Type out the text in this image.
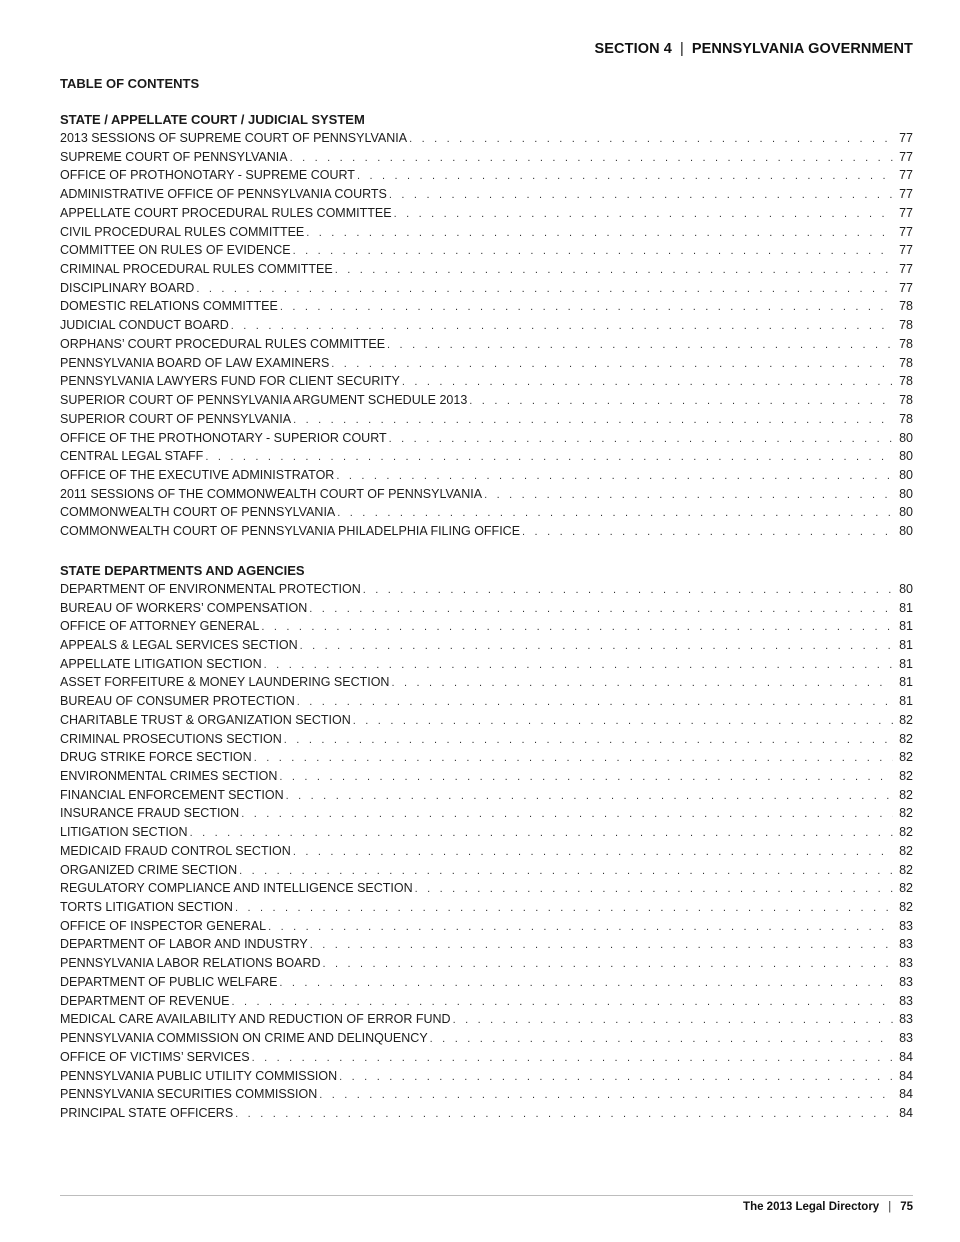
SECTION 4 | PENNSYLVANIA GOVERNMENT
TABLE OF CONTENTS
STATE / APPELLATE COURT / JUDICIAL SYSTEM
2013 SESSIONS OF SUPREME COURT OF PENNSYLVANIA . . .	77
SUPREME COURT OF PENNSYLVANIA . . .	77
OFFICE OF PROTHONOTARY - SUPREME COURT . . .	77
ADMINISTRATIVE OFFICE OF PENNSYLVANIA COURTS . . .	77
APPELLATE COURT PROCEDURAL RULES COMMITTEE . . .	77
CIVIL PROCEDURAL RULES COMMITTEE . . .	77
COMMITTEE ON RULES OF EVIDENCE . . .	77
CRIMINAL PROCEDURAL RULES COMMITTEE . . .	77
DISCIPLINARY BOARD . . .	77
DOMESTIC RELATIONS COMMITTEE . . .	78
JUDICIAL CONDUCT BOARD . . .	78
ORPHANS’ COURT PROCEDURAL RULES COMMITTEE . . .	78
PENNSYLVANIA BOARD OF LAW EXAMINERS . . .	78
PENNSYLVANIA LAWYERS FUND FOR CLIENT SECURITY . . .	78
SUPERIOR COURT OF PENNSYLVANIA ARGUMENT SCHEDULE 2013 . . .	78
SUPERIOR COURT OF PENNSYLVANIA . . .	78
OFFICE OF THE PROTHONOTARY - SUPERIOR COURT . . .	80
CENTRAL LEGAL STAFF . . .	80
OFFICE OF THE EXECUTIVE ADMINISTRATOR . . .	80
2011 SESSIONS OF THE COMMONWEALTH COURT OF PENNSYLVANIA . . .	80
COMMONWEALTH COURT OF PENNSYLVANIA . . .	80
COMMONWEALTH COURT OF PENNSYLVANIA PHILADELPHIA FILING OFFICE . . .	80
STATE DEPARTMENTS AND AGENCIES
DEPARTMENT OF ENVIRONMENTAL PROTECTION . . .	80
BUREAU OF WORKERS’ COMPENSATION . . .	81
OFFICE OF ATTORNEY GENERAL . . .	81
APPEALS & LEGAL SERVICES SECTION . . .	81
APPELLATE LITIGATION SECTION . . .	81
ASSET FORFEITURE & MONEY LAUNDERING SECTION . . .	81
BUREAU OF CONSUMER PROTECTION . . .	81
CHARITABLE TRUST & ORGANIZATION SECTION . . .	82
CRIMINAL PROSECUTIONS SECTION . . .	82
DRUG STRIKE FORCE SECTION . . .	82
ENVIRONMENTAL CRIMES SECTION . . .	82
FINANCIAL ENFORCEMENT SECTION . . .	82
INSURANCE FRAUD SECTION . . .	82
LITIGATION SECTION . . .	82
MEDICAID FRAUD CONTROL SECTION . . .	82
ORGANIZED CRIME SECTION . . .	82
REGULATORY COMPLIANCE AND INTELLIGENCE SECTION . . .	82
TORTS LITIGATION SECTION . . .	82
OFFICE OF INSPECTOR GENERAL . . .	83
DEPARTMENT OF LABOR AND INDUSTRY . . .	83
PENNSYLVANIA LABOR RELATIONS BOARD . . .	83
DEPARTMENT OF PUBLIC WELFARE . . .	83
DEPARTMENT OF REVENUE . . .	83
MEDICAL CARE AVAILABILITY AND REDUCTION OF ERROR FUND . . .	83
PENNSYLVANIA COMMISSION ON CRIME AND DELINQUENCY . . .	83
OFFICE OF VICTIMS’ SERVICES . . .	84
PENNSYLVANIA PUBLIC UTILITY COMMISSION . . .	84
PENNSYLVANIA SECURITIES COMMISSION . . .	84
PRINCIPAL STATE OFFICERS . . .	84
The 2013 Legal Directory | 75
